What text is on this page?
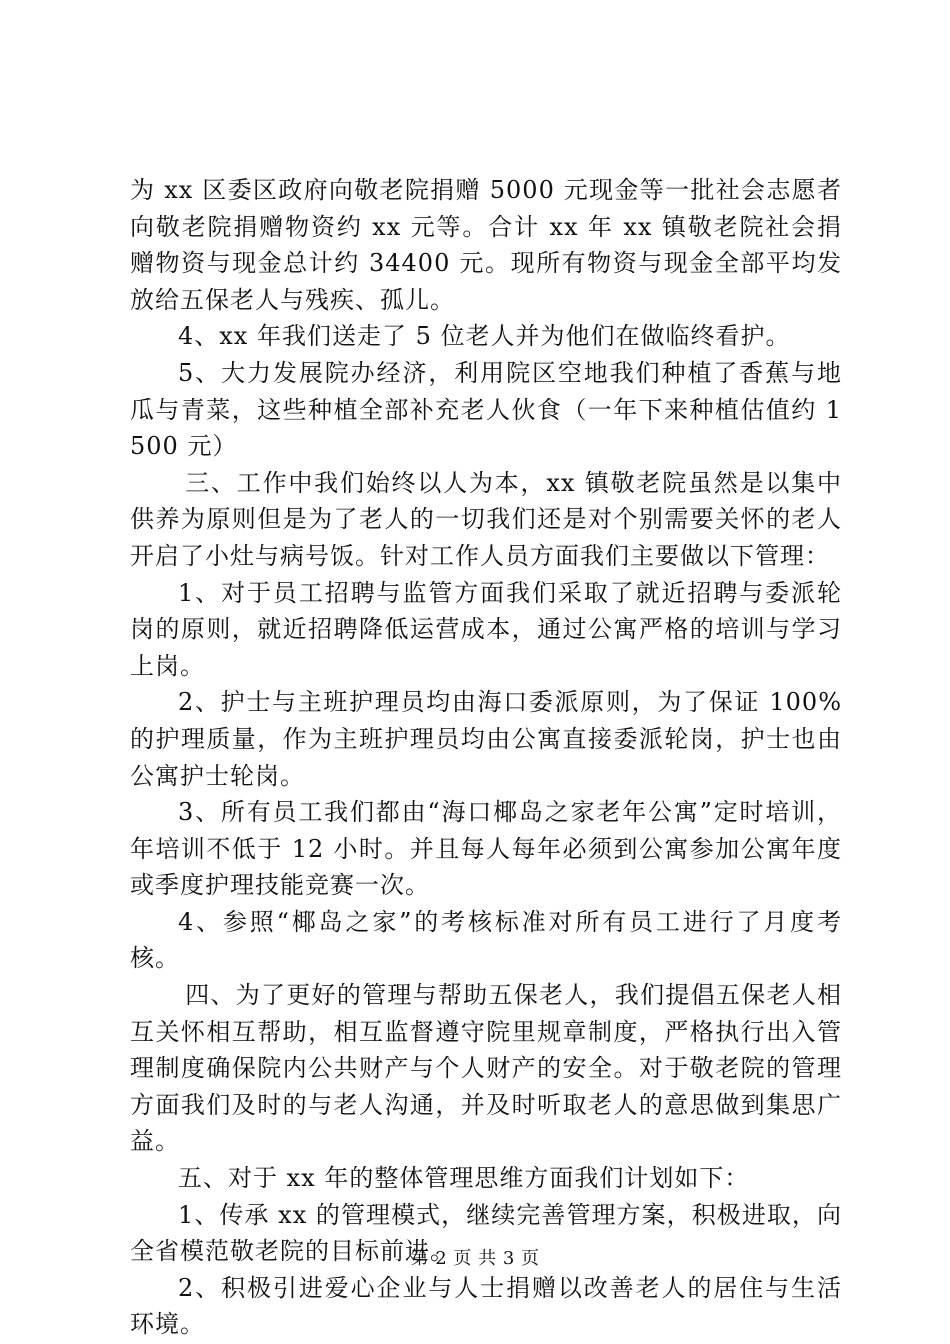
为 xx 区委区政府向敬老院捐赠 5000 元现金等一批社会志愿者向敬老院捐赠物资约 xx 元等。合计 xx 年 xx 镇敬老院社会捐赠物资与现金总计约 34400 元。现所有物资与现金全部平均发放给五保老人与残疾、孤儿。

4、xx 年我们送走了 5 位老人并为他们在做临终看护。

5、大力发展院办经济，利用院区空地我们种植了香蕉与地瓜与青菜，这些种植全部补充老人伙食（一年下来种植估值约 1500 元）

三、工作中我们始终以人为本，xx 镇敬老院虽然是以集中供养为原则但是为了老人的一切我们还是对个别需要关怀的老人开启了小灶与病号饭。针对工作人员方面我们主要做以下管理：

1、对于员工招聘与监管方面我们采取了就近招聘与委派轮岗的原则，就近招聘降低运营成本，通过公寓严格的培训与学习上岗。

2、护士与主班护理员均由海口委派原则，为了保证 100% 的护理质量，作为主班护理员均由公寓直接委派轮岗，护士也由公寓护士轮岗。

3、所有员工我们都由“海口椰岛之家老年公寓”定时培训，年培训不低于 12 小时。并且每人每年必须到公寓参加公寓年度或季度护理技能竞赛一次。

4、参照“椰岛之家”的考核标准对所有员工进行了月度考核。

四、为了更好的管理与帮助五保老人，我们提倡五保老人相互关怀相互帮助，相互监督遵守院里规章制度，严格执行出入管理制度确保院内公共财产与个人财产的安全。对于敬老院的管理方面我们及时的与老人沟通，并及时听取老人的意思做到集思广益。

五、对于 xx 年的整体管理思维方面我们计划如下：

1、传承 xx 的管理模式，继续完善管理方案，积极进取，向全省模范敬老院的目标前进。

2、积极引进爱心企业与人士捐赠以改善老人的居住与生活环境。

第 2 页 共 3 页
